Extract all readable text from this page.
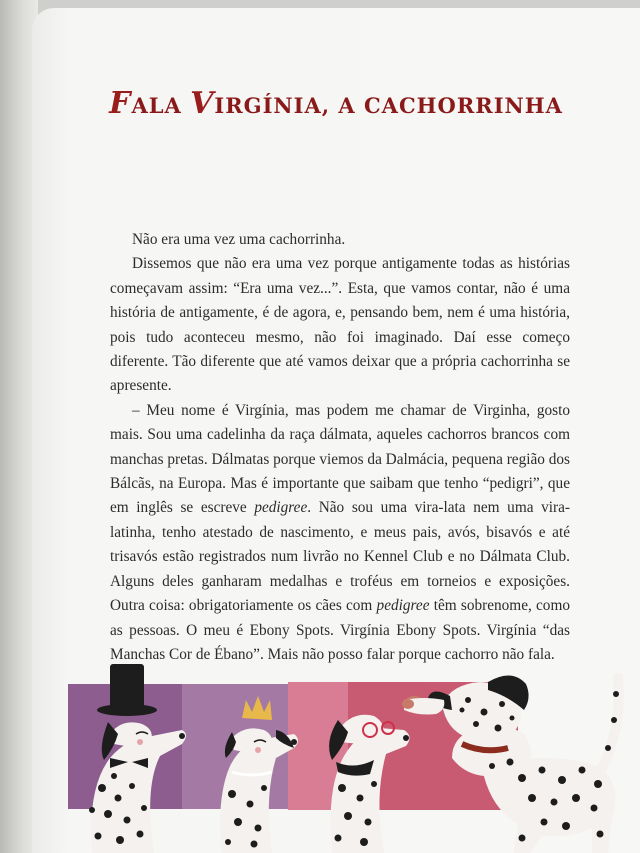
FALA VIRGÍNIA, A CACHORRINHA

Não era uma vez uma cachorrinha.

Dissemos que não era uma vez porque antigamente todas as histórias começavam assim: “Era uma vez...”. Esta, que vamos contar, não é uma história de antigamente, é de agora, e, pensando bem, nem é uma história, pois tudo aconteceu mesmo, não foi imaginado. Daí esse começo diferente. Tão diferente que até vamos deixar que a própria cachorrinha se apresente.

– Meu nome é Virgínia, mas podem me chamar de Virginha, gosto mais. Sou uma cadelinha da raça dálmata, aqueles cachorros brancos com manchas pretas. Dálmatas porque viemos da Dalmácia, pequena região dos Bálcãs, na Europa. Mas é importante que saibam que tenho “pedigri”, que em inglês se escreve pedigree. Não sou uma vira-lata nem uma vira-latinha, tenho atestado de nascimento, e meus pais, avós, bisavós e até trisavós estão registrados num livrão no Kennel Club e no Dálmata Club. Alguns deles ganharam medalhas e troféus em torneios e exposições. Outra coisa: obrigatoriamente os cães com pedigree têm sobrenome, como as pessoas. O meu é Ebony Spots. Virgínia Ebony Spots. Virgínia “das Manchas Cor de Ébano”. Mais não posso falar porque cachorro não fala.
